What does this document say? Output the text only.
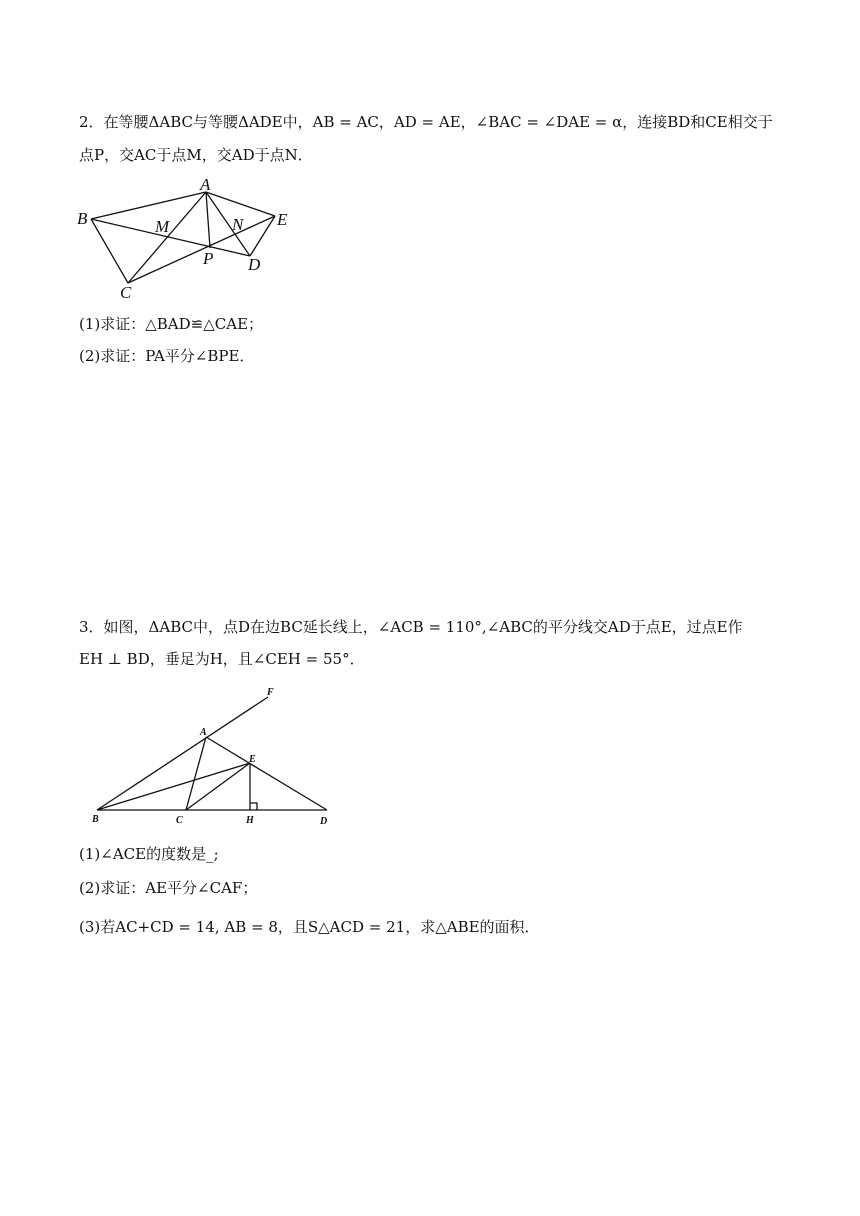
2．在等腰ΔABC与等腰ΔADE中，AB = AC，AD = AE，∠BAC = ∠DAE = α，连接BD和CE相交于
点P，交AC于点M，交AD于点N．
A
B
C
D
E
M	N
P
(1)求证：△BAD≌△CAE；
(2)求证：PA平分∠BPE．
3．如图，ΔABC中，点D在边BC延长线上，∠ACB = 110°,∠ABC的平分线交AD于点E，过点E作
EH ⊥ BD，垂足为H，且∠CEH = 55°．
A
B	C	D
E
F
H
(1)∠ACE的度数是_;
(2)求证：AE平分∠CAF；
(3)若AC+CD = 14, AB = 8，且S△ACD = 21，求△ABE的面积．
